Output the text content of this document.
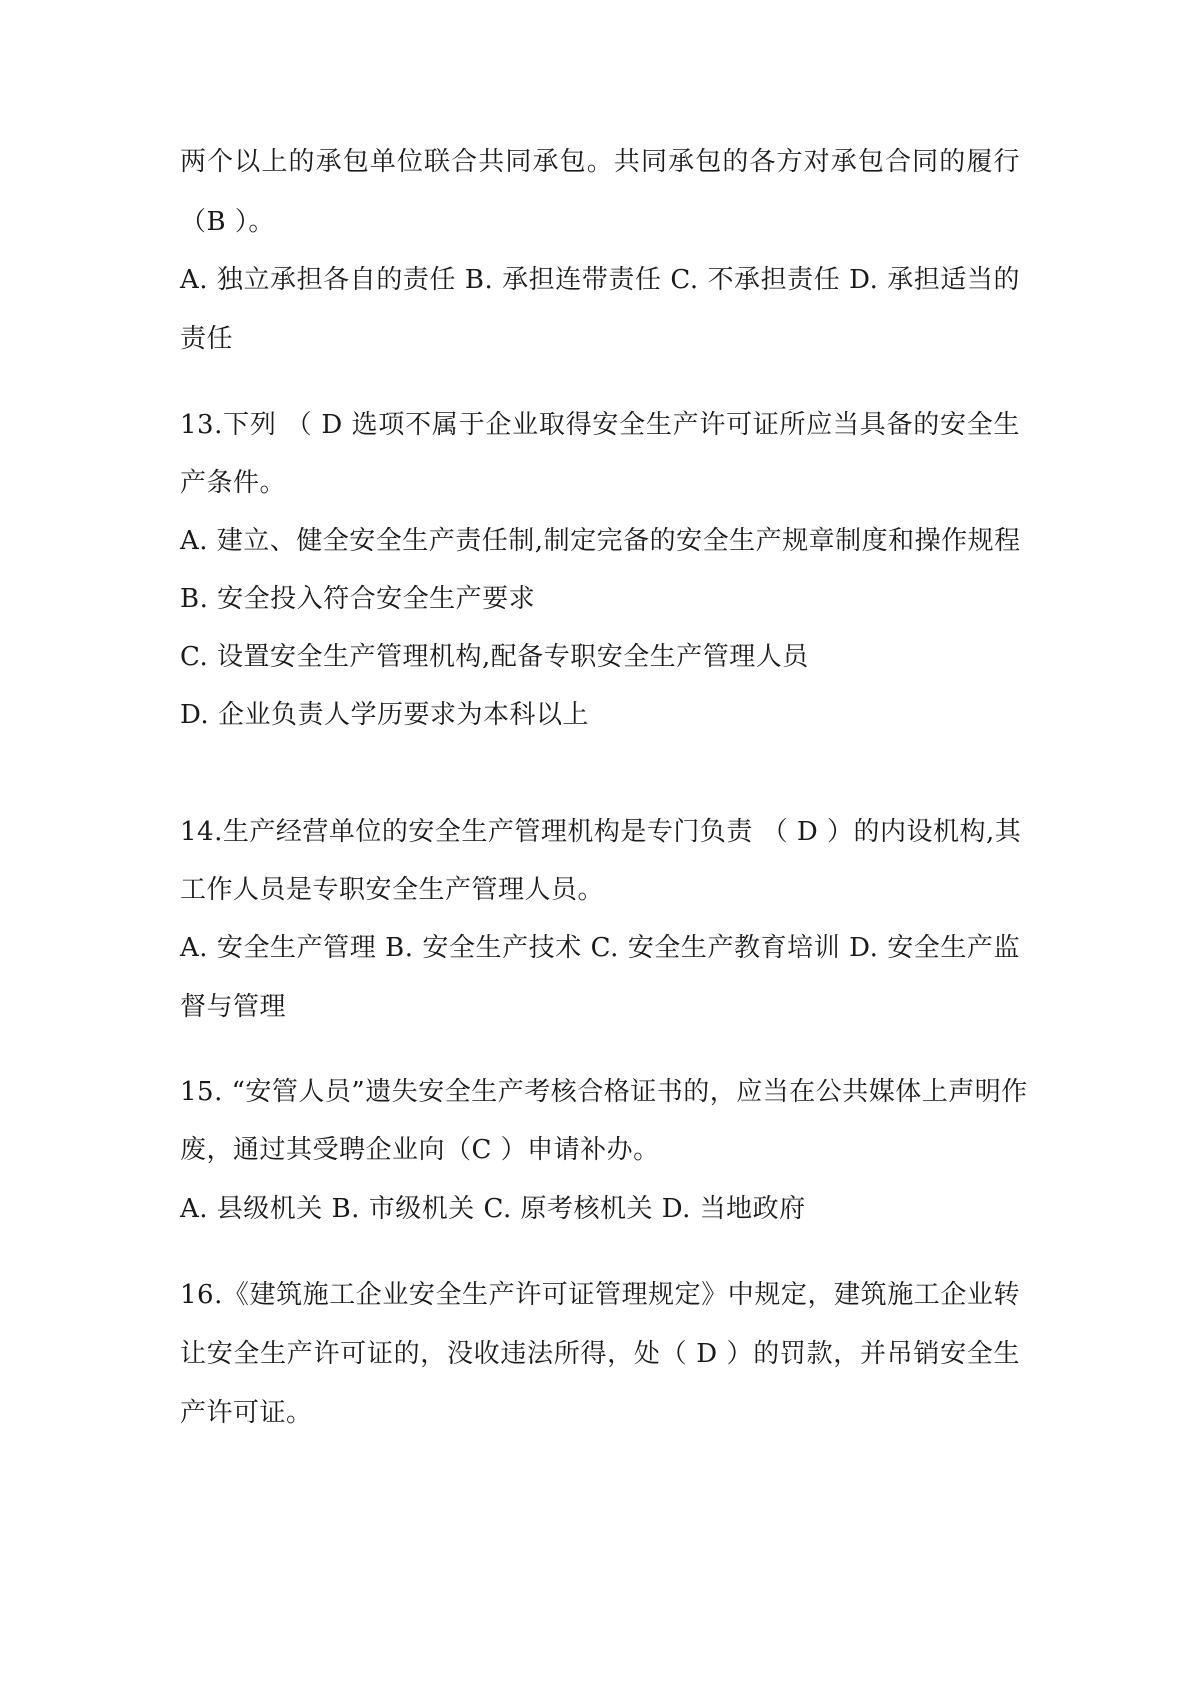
两个以上的承包单位联合共同承包。共同承包的各方对承包合同的履行
（B ）。
A. 独立承担各自的责任 B. 承担连带责任 C. 不承担责任 D. 承担适当的
责任
13.下列 （ D 选项不属于企业取得安全生产许可证所应当具备的安全生
产条件。
A. 建立、健全安全生产责任制,制定完备的安全生产规章制度和操作规程
B. 安全投入符合安全生产要求
C. 设置安全生产管理机构,配备专职安全生产管理人员
D. 企业负责人学历要求为本科以上
14.生产经营单位的安全生产管理机构是专门负责 （ D ）的内设机构,其
工作人员是专职安全生产管理人员。
A. 安全生产管理 B. 安全生产技术 C. 安全生产教育培训 D. 安全生产监
督与管理
15. “安管人员”遗失安全生产考核合格证书的，应当在公共媒体上声明作
废，通过其受聘企业向（C ）申请补办。
A. 县级机关 B. 市级机关 C. 原考核机关 D. 当地政府
16.《建筑施工企业安全生产许可证管理规定》中规定，建筑施工企业转
让安全生产许可证的，没收违法所得，处（ D ）的罚款，并吊销安全生
产许可证。
